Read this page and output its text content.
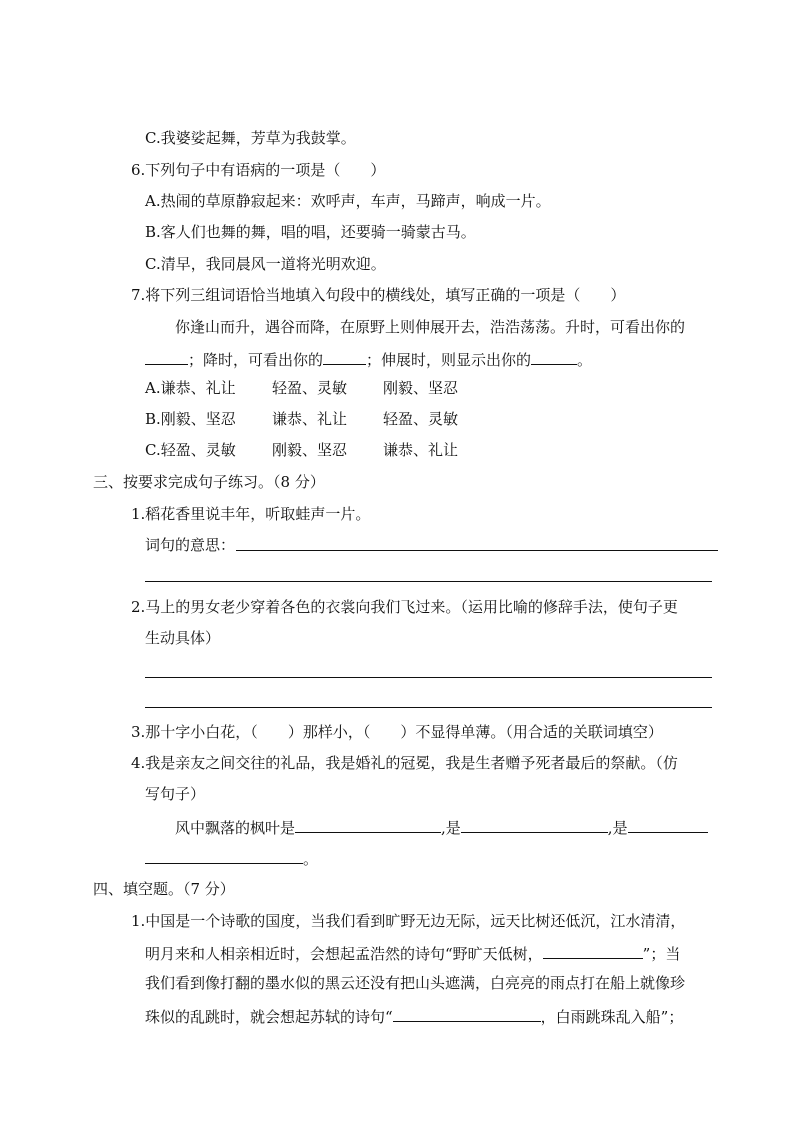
C.我婆娑起舞，芳草为我鼓掌。
6.下列句子中有语病的一项是（　　）
A.热闹的草原静寂起来：欢呼声，车声，马蹄声，响成一片。
B.客人们也舞的舞，唱的唱，还要骑一骑蒙古马。
C.清早，我同晨风一道将光明欢迎。
7.将下列三组词语恰当地填入句段中的横线处，填写正确的一项是（　　）
你逢山而升，遇谷而降，在原野上则伸展开去，浩浩荡荡。升时，可看出你的
；降时，可看出你的	；伸展时，则显示出你的	。
A.谦恭、礼让 轻盈、灵敏 刚毅、坚忍
B.刚毅、坚忍 谦恭、礼让 轻盈、灵敏
C.轻盈、灵敏 刚毅、坚忍 谦恭、礼让
三、按要求完成句子练习。（8 分）
1.稻花香里说丰年，听取蛙声一片。
词句的意思：
2.马上的男女老少穿着各色的衣裳向我们飞过来。（运用比喻的修辞手法，使句子更
生动具体）
3.那十字小白花，（　　）那样小，（　　）不显得单薄。（用合适的关联词填空）
4.我是亲友之间交往的礼品，我是婚礼的冠冕，我是生者赠予死者最后的祭献。（仿
写句子）
风中飘落的枫叶是	,是	,是
。
四、填空题。（7 分）
1.中国是一个诗歌的国度，当我们看到旷野无边无际，远天比树还低沉，江水清清，
明月来和人相亲相近时，会想起孟浩然的诗句“野旷天低树，	”；当
我们看到像打翻的墨水似的黑云还没有把山头遮满，白亮亮的雨点打在船上就像珍
珠似的乱跳时，就会想起苏轼的诗句“	，白雨跳珠乱入船”；
